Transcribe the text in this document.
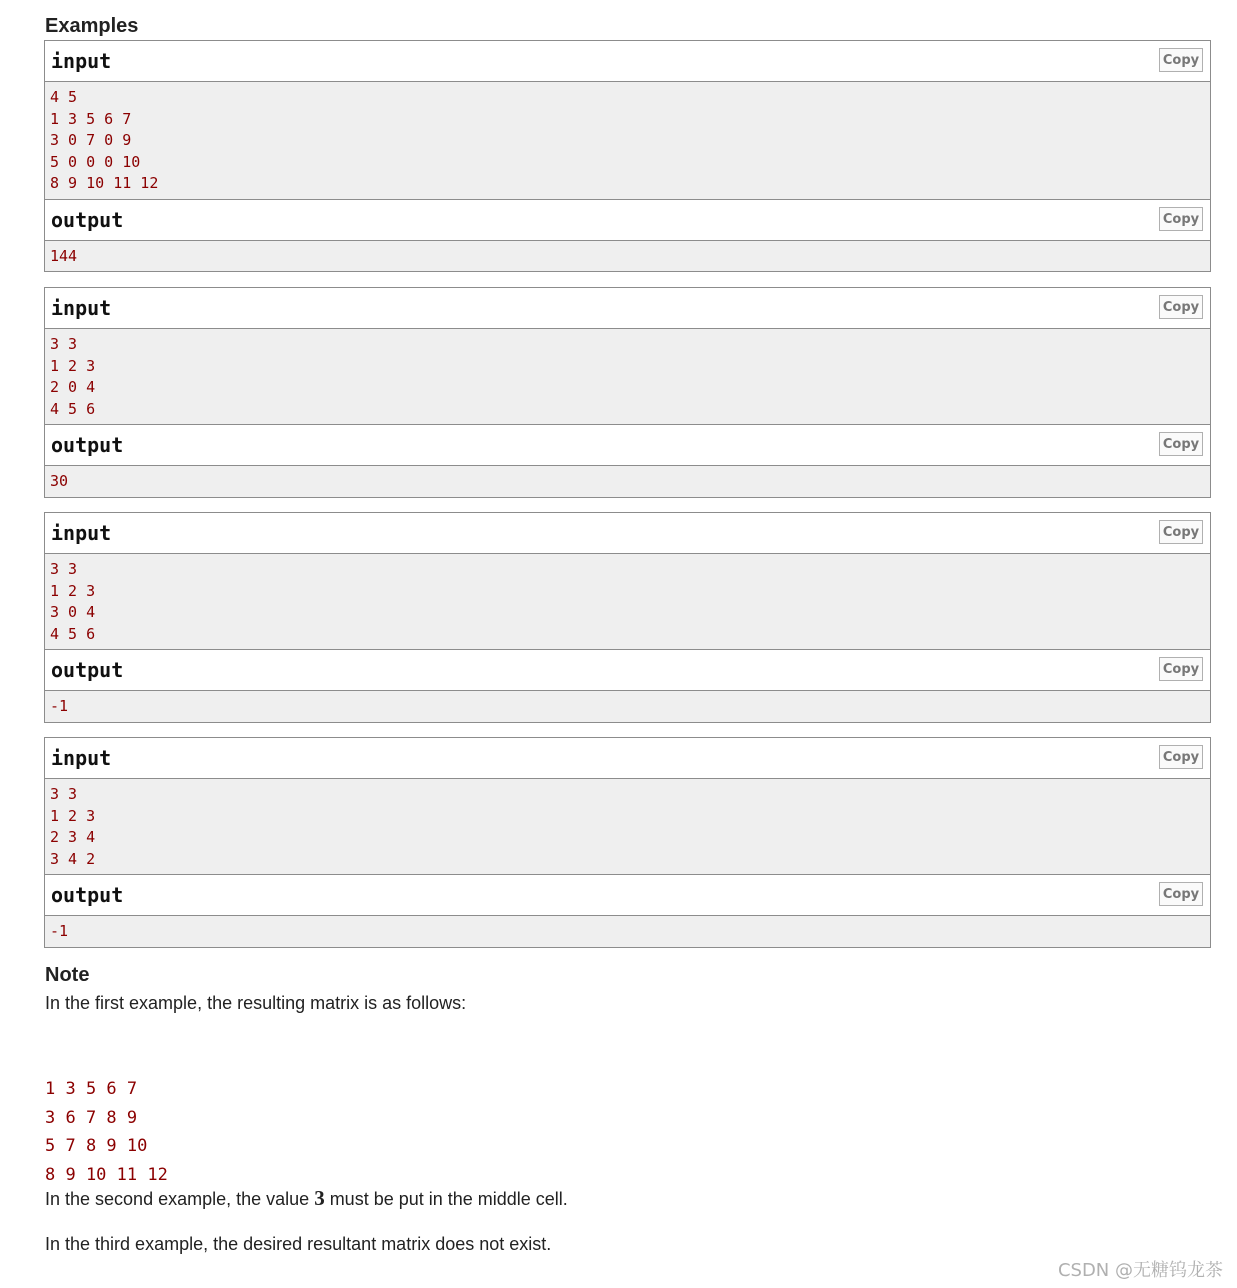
Examples
input	Copy
4 5
1 3 5 6 7
3 0 7 0 9
5 0 0 0 10
8 9 10 11 12
output	Copy
144
input	Copy
3 3
1 2 3
2 0 4
4 5 6
output	Copy
30
input	Copy
3 3
1 2 3
3 0 4
4 5 6
output	Copy
-1
input	Copy
3 3
1 2 3
2 3 4
3 4 2
output	Copy
-1
Note

In the first example, the resulting matrix is as follows:

1 3 5 6 7
3 6 7 8 9
5 7 8 9 10
8 9 10 11 12

In the second example, the value 3 must be put in the middle cell.

In the third example, the desired resultant matrix does not exist.

CSDN @无糖钨龙茶
